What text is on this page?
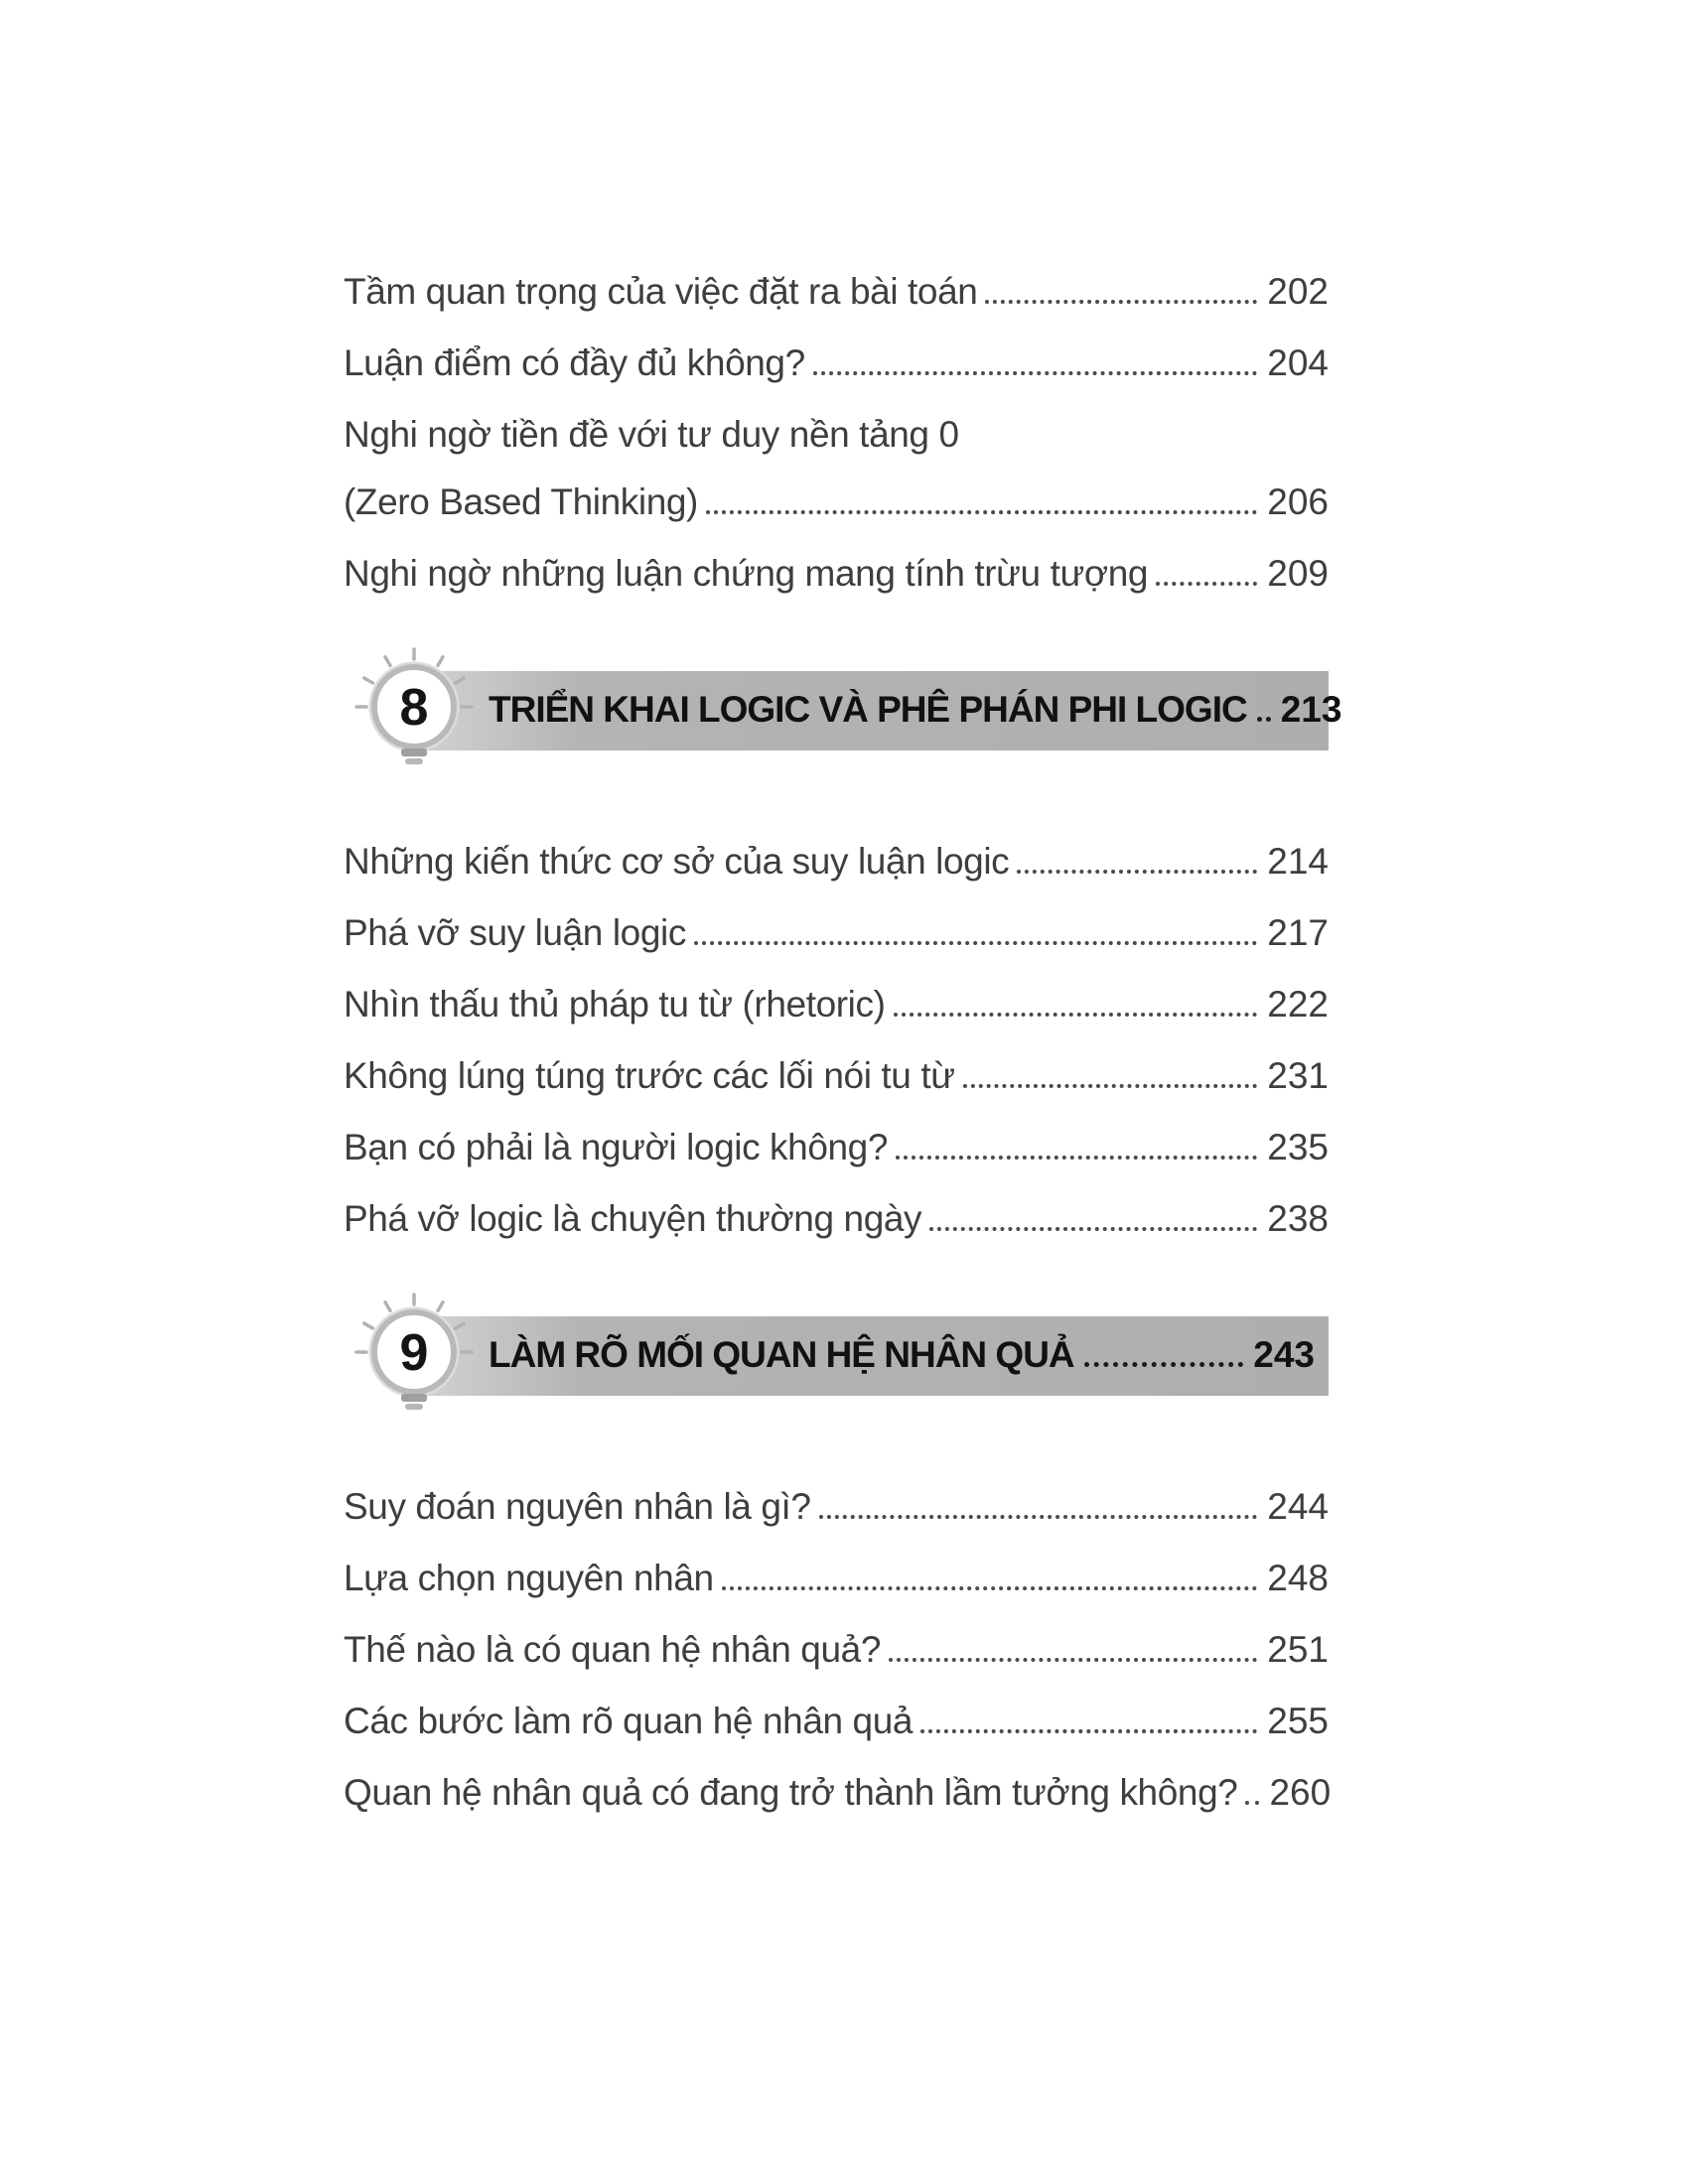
Tầm quan trọng của việc đặt ra bài toán	202
Luận điểm có đầy đủ không?	204
Nghi ngờ tiền đề với tư duy nền tảng 0
(Zero Based Thinking)	206
Nghi ngờ những luận chứng mang tính trừu tượng	209
TRIỂN KHAI LOGIC VÀ PHÊ PHÁN PHI LOGIC 213
8
Những kiến thức cơ sở của suy luận logic	214
Phá vỡ suy luận logic	217
Nhìn thấu thủ pháp tu từ (rhetoric)	222
Không lúng túng trước các lối nói tu từ	231
Bạn có phải là người logic không?	235
Phá vỡ logic là chuyện thường ngày	238
LÀM RÕ MỐI QUAN HỆ NHÂN QUẢ	243
9
Suy đoán nguyên nhân là gì?	244
Lựa chọn nguyên nhân	248
Thế nào là có quan hệ nhân quả?	251
Các bước làm rõ quan hệ nhân quả	255
Quan hệ nhân quả có đang trở thành lầm tưởng không? 260
